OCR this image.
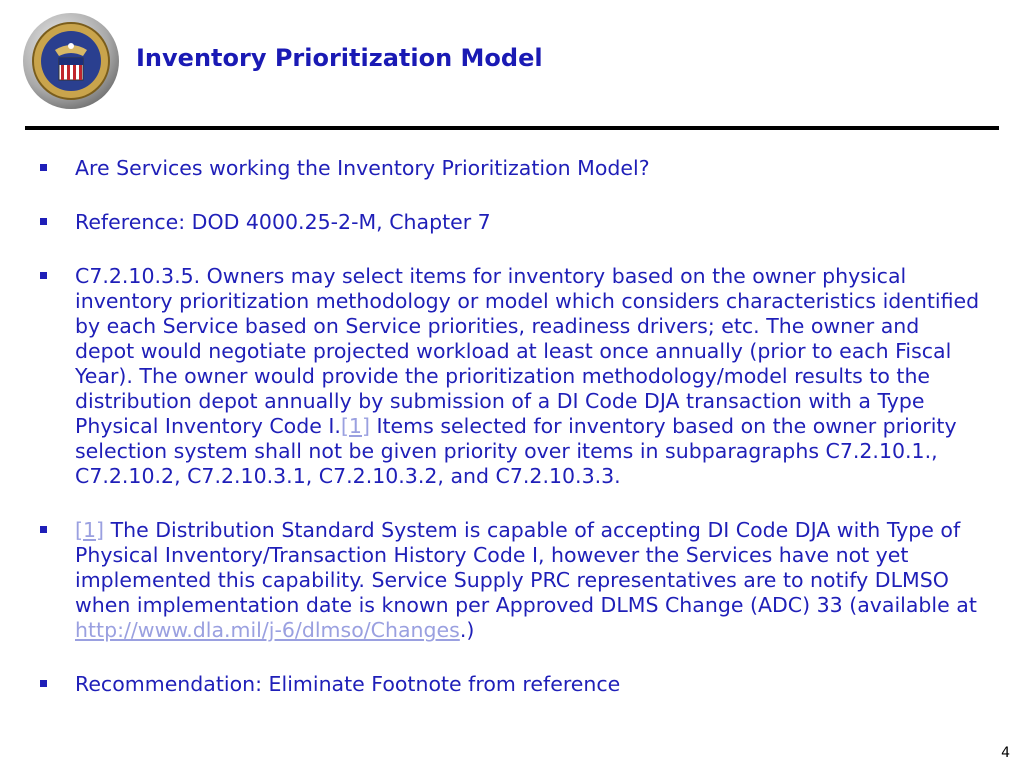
Inventory Prioritization Model
Are Services working the Inventory Prioritization Model?
Reference: DOD 4000.25-2-M, Chapter 7
C7.2.10.3.5. Owners may select items for inventory based on the owner physical inventory prioritization methodology or model which considers characteristics identified by each Service based on Service priorities, readiness drivers; etc. The owner and depot would negotiate projected workload at least once annually (prior to each Fiscal Year). The owner would provide the prioritization methodology/model results to the distribution depot annually by submission of a DI Code DJA transaction with a Type Physical Inventory Code I.[1] Items selected for inventory based on the owner priority selection system shall not be given priority over items in subparagraphs C7.2.10.1., C7.2.10.2, C7.2.10.3.1, C7.2.10.3.2, and C7.2.10.3.3.
[1] The Distribution Standard System is capable of accepting DI Code DJA with Type of Physical Inventory/Transaction History Code I, however the Services have not yet implemented this capability. Service Supply PRC representatives are to notify DLMSO when implementation date is known per Approved DLMS Change (ADC) 33 (available at http://www.dla.mil/j-6/dlmso/Changes.)
Recommendation: Eliminate Footnote from reference
4
